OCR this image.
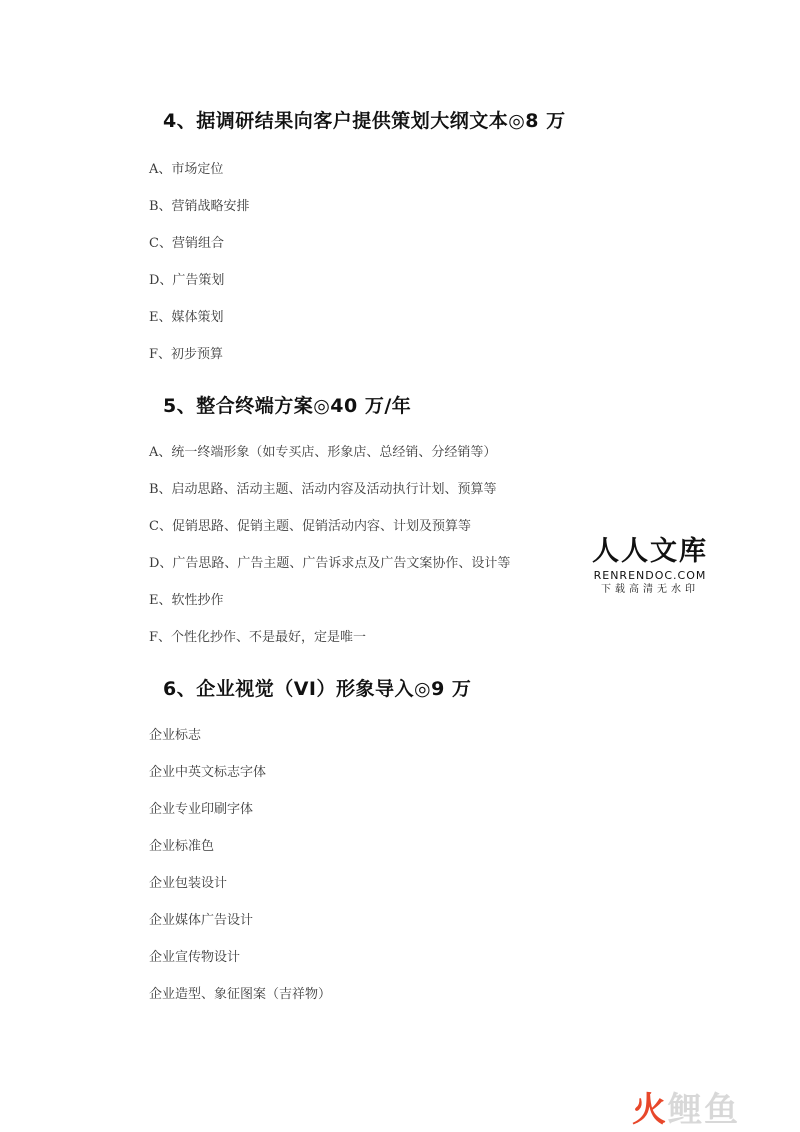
4、据调研结果向客户提供策划大纲文本◎8 万
A、市场定位
B、营销战略安排
C、营销组合
D、广告策划
E、媒体策划
F、初步预算
5、整合终端方案◎40 万/年
A、统一终端形象（如专买店、形象店、总经销、分经销等）
B、启动思路、活动主题、活动内容及活动执行计划、预算等
C、促销思路、促销主题、促销活动内容、计划及预算等
D、广告思路、广告主题、广告诉求点及广告文案协作、设计等
E、软性抄作
F、个性化抄作、不是最好，定是唯一
6、企业视觉（VI）形象导入◎9 万
企业标志
企业中英文标志字体
企业专业印刷字体
企业标准色
企业包装设计
企业媒体广告设计
企业宣传物设计
企业造型、象征图案（吉祥物）
人人文库
RENRENDOC.COM
下载高清无水印
火鲤鱼
